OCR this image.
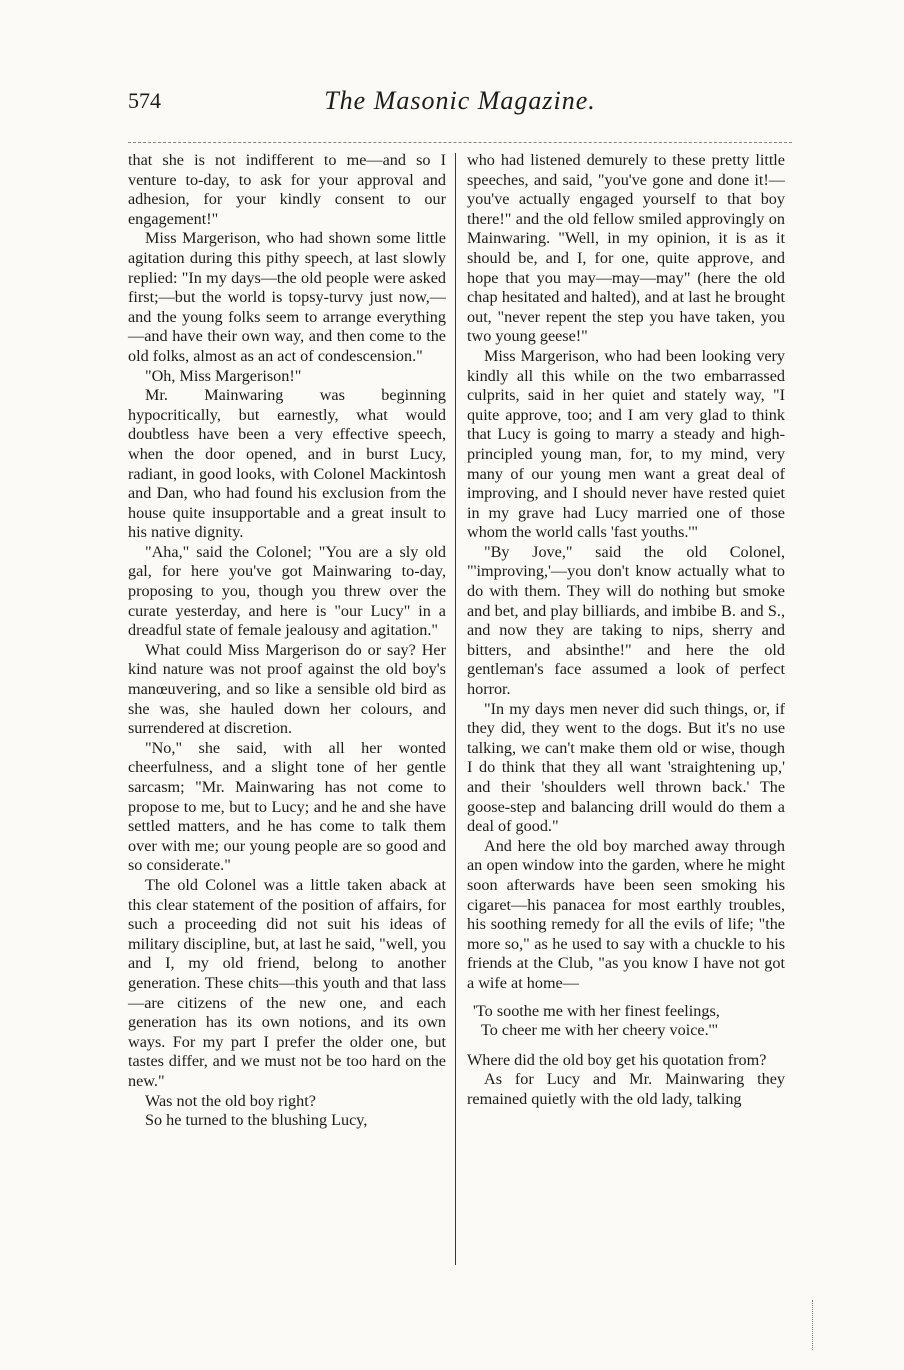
574	The Masonic Magazine.

that she is not indifferent to me—and so I venture to-day, to ask for your approval and adhesion, for your kindly consent to our engagement!"

Miss Margerison, who had shown some little agitation during this pithy speech, at last slowly replied: "In my days—the old people were asked first;—but the world is topsy-turvy just now,—and the young folks seem to arrange everything—and have their own way, and then come to the old folks, almost as an act of condescension."

"Oh, Miss Margerison!"

Mr. Mainwaring was beginning hypocritically, but earnestly, what would doubtless have been a very effective speech, when the door opened, and in burst Lucy, radiant, in good looks, with Colonel Mackintosh and Dan, who had found his exclusion from the house quite insupportable and a great insult to his native dignity.

"Aha," said the Colonel; "You are a sly old gal, for here you've got Mainwaring to-day, proposing to you, though you threw over the curate yesterday, and here is "our Lucy" in a dreadful state of female jealousy and agitation."

What could Miss Margerison do or say? Her kind nature was not proof against the old boy's manœuvering, and so like a sensible old bird as she was, she hauled down her colours, and surrendered at discretion.

"No," she said, with all her wonted cheerfulness, and a slight tone of her gentle sarcasm; "Mr. Mainwaring has not come to propose to me, but to Lucy; and he and she have settled matters, and he has come to talk them over with me; our young people are so good and so considerate."

The old Colonel was a little taken aback at this clear statement of the position of affairs, for such a proceeding did not suit his ideas of military discipline, but, at last he said, "well, you and I, my old friend, belong to another generation. These chits—this youth and that lass—are citizens of the new one, and each generation has its own notions, and its own ways. For my part I prefer the older one, but tastes differ, and we must not be too hard on the new."

Was not the old boy right?

So he turned to the blushing Lucy,

who had listened demurely to these pretty little speeches, and said, "you've gone and done it!—you've actually engaged yourself to that boy there!" and the old fellow smiled approvingly on Mainwaring. "Well, in my opinion, it is as it should be, and I, for one, quite approve, and hope that you may—may—may" (here the old chap hesitated and halted), and at last he brought out, "never repent the step you have taken, you two young geese!"

Miss Margerison, who had been looking very kindly all this while on the two embarrassed culprits, said in her quiet and stately way, "I quite approve, too; and I am very glad to think that Lucy is going to marry a steady and high-principled young man, for, to my mind, very many of our young men want a great deal of improving, and I should never have rested quiet in my grave had Lucy married one of those whom the world calls 'fast youths.'"

"By Jove," said the old Colonel, "'improving,'—you don't know actually what to do with them. They will do nothing but smoke and bet, and play billiards, and imbibe B. and S., and now they are taking to nips, sherry and bitters, and absinthe!" and here the old gentleman's face assumed a look of perfect horror.

"In my days men never did such things, or, if they did, they went to the dogs. But it's no use talking, we can't make them old or wise, though I do think that they all want 'straightening up,' and their 'shoulders well thrown back.' The goose-step and balancing drill would do them a deal of good."

And here the old boy marched away through an open window into the garden, where he might soon afterwards have been seen smoking his cigaret—his panacea for most earthly troubles, his soothing remedy for all the evils of life; "the more so," as he used to say with a chuckle to his friends at the Club, "as you know I have not got a wife at home—

'To soothe me with her finest feelings,
To cheer me with her cheery voice.'"

Where did the old boy get his quotation from?

As for Lucy and Mr. Mainwaring they remained quietly with the old lady, talking
